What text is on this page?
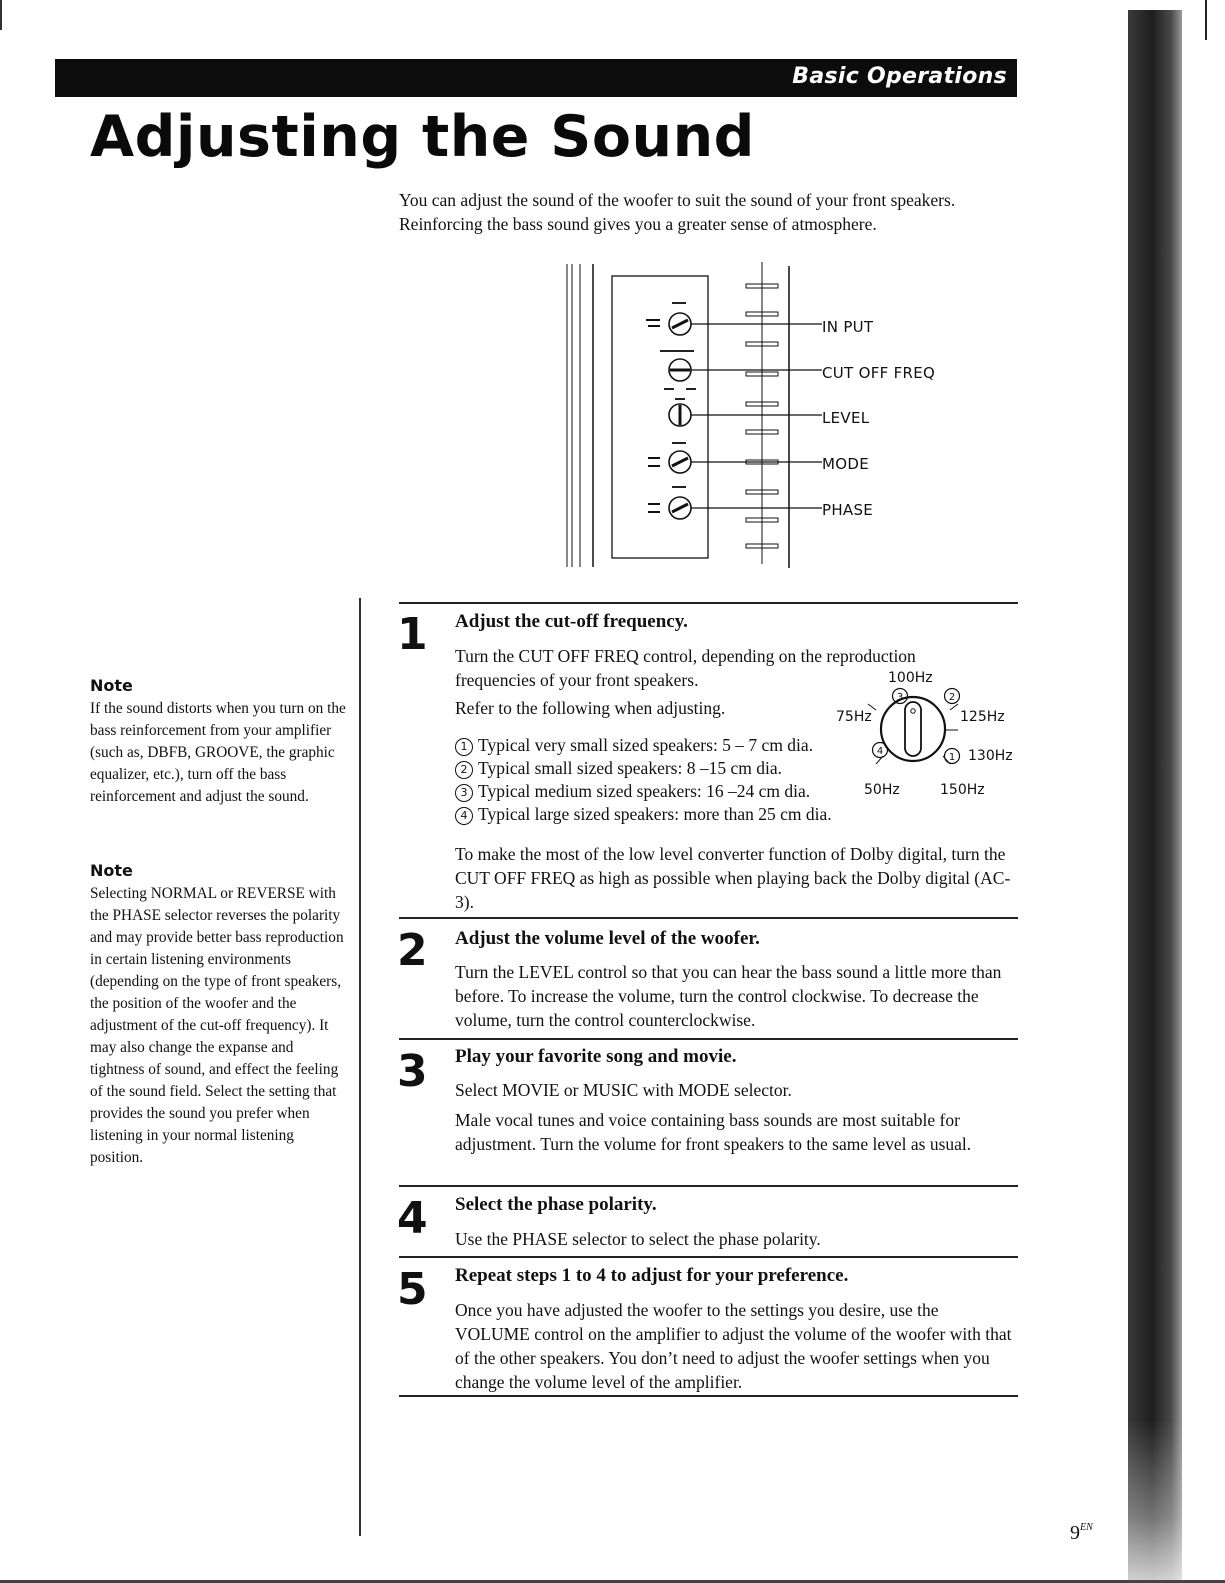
Basic Operations
Adjusting the Sound

You can adjust the sound of the woofer to suit the sound of your front speakers. Reinforcing the bass sound gives you a greater sense of atmosphere.

IN PUT
CUT OFF FREQ
LEVEL
MODE
PHASE
Note

If the sound distorts when you turn on the bass reinforcement from your amplifier (such as, DBFB, GROOVE, the graphic equalizer, etc.), turn off the bass reinforcement and adjust the sound.

Note

Selecting NORMAL or REVERSE with the PHASE selector reverses the polarity and may provide better bass reproduction in certain listening environments (depending on the type of front speakers, the position of the woofer and the adjustment of the cut-off frequency). It may also change the expanse and tightness of sound, and effect the feeling of the sound field. Select the setting that provides the sound you prefer when listening in your normal listening position.

1 Adjust the cut-off frequency.

Turn the CUT OFF FREQ control, depending on the reproduction frequencies of your front speakers.

Refer to the following when adjusting.

1 Typical very small sized speakers: 5 – 7 cm dia.
2 Typical small sized speakers: 8 –15 cm dia.
3 Typical medium sized speakers: 16 –24 cm dia.
4 Typical large sized speakers: more than 25 cm dia.

To make the most of the low level converter function of Dolby digital, turn the CUT OFF FREQ as high as possible when playing back the Dolby digital (AC-3).

3	2
4
1
100Hz
75Hz	125Hz
130Hz
50Hz	150Hz
2 Adjust the volume level of the woofer.

Turn the LEVEL control so that you can hear the bass sound a little more than before. To increase the volume, turn the control clockwise. To decrease the volume, turn the control counterclockwise.

3 Play your favorite song and movie.

Select MOVIE or MUSIC with MODE selector.

Male vocal tunes and voice containing bass sounds are most suitable for adjustment. Turn the volume for front speakers to the same level as usual.

4 Select the phase polarity.

Use the PHASE selector to select the phase polarity.

5 Repeat steps 1 to 4 to adjust for your preference.

Once you have adjusted the woofer to the settings you desire, use the VOLUME control on the amplifier to adjust the volume of the woofer with that of the other speakers. You don’t need to adjust the woofer settings when you change the volume level of the amplifier.

$9^{EN}$
